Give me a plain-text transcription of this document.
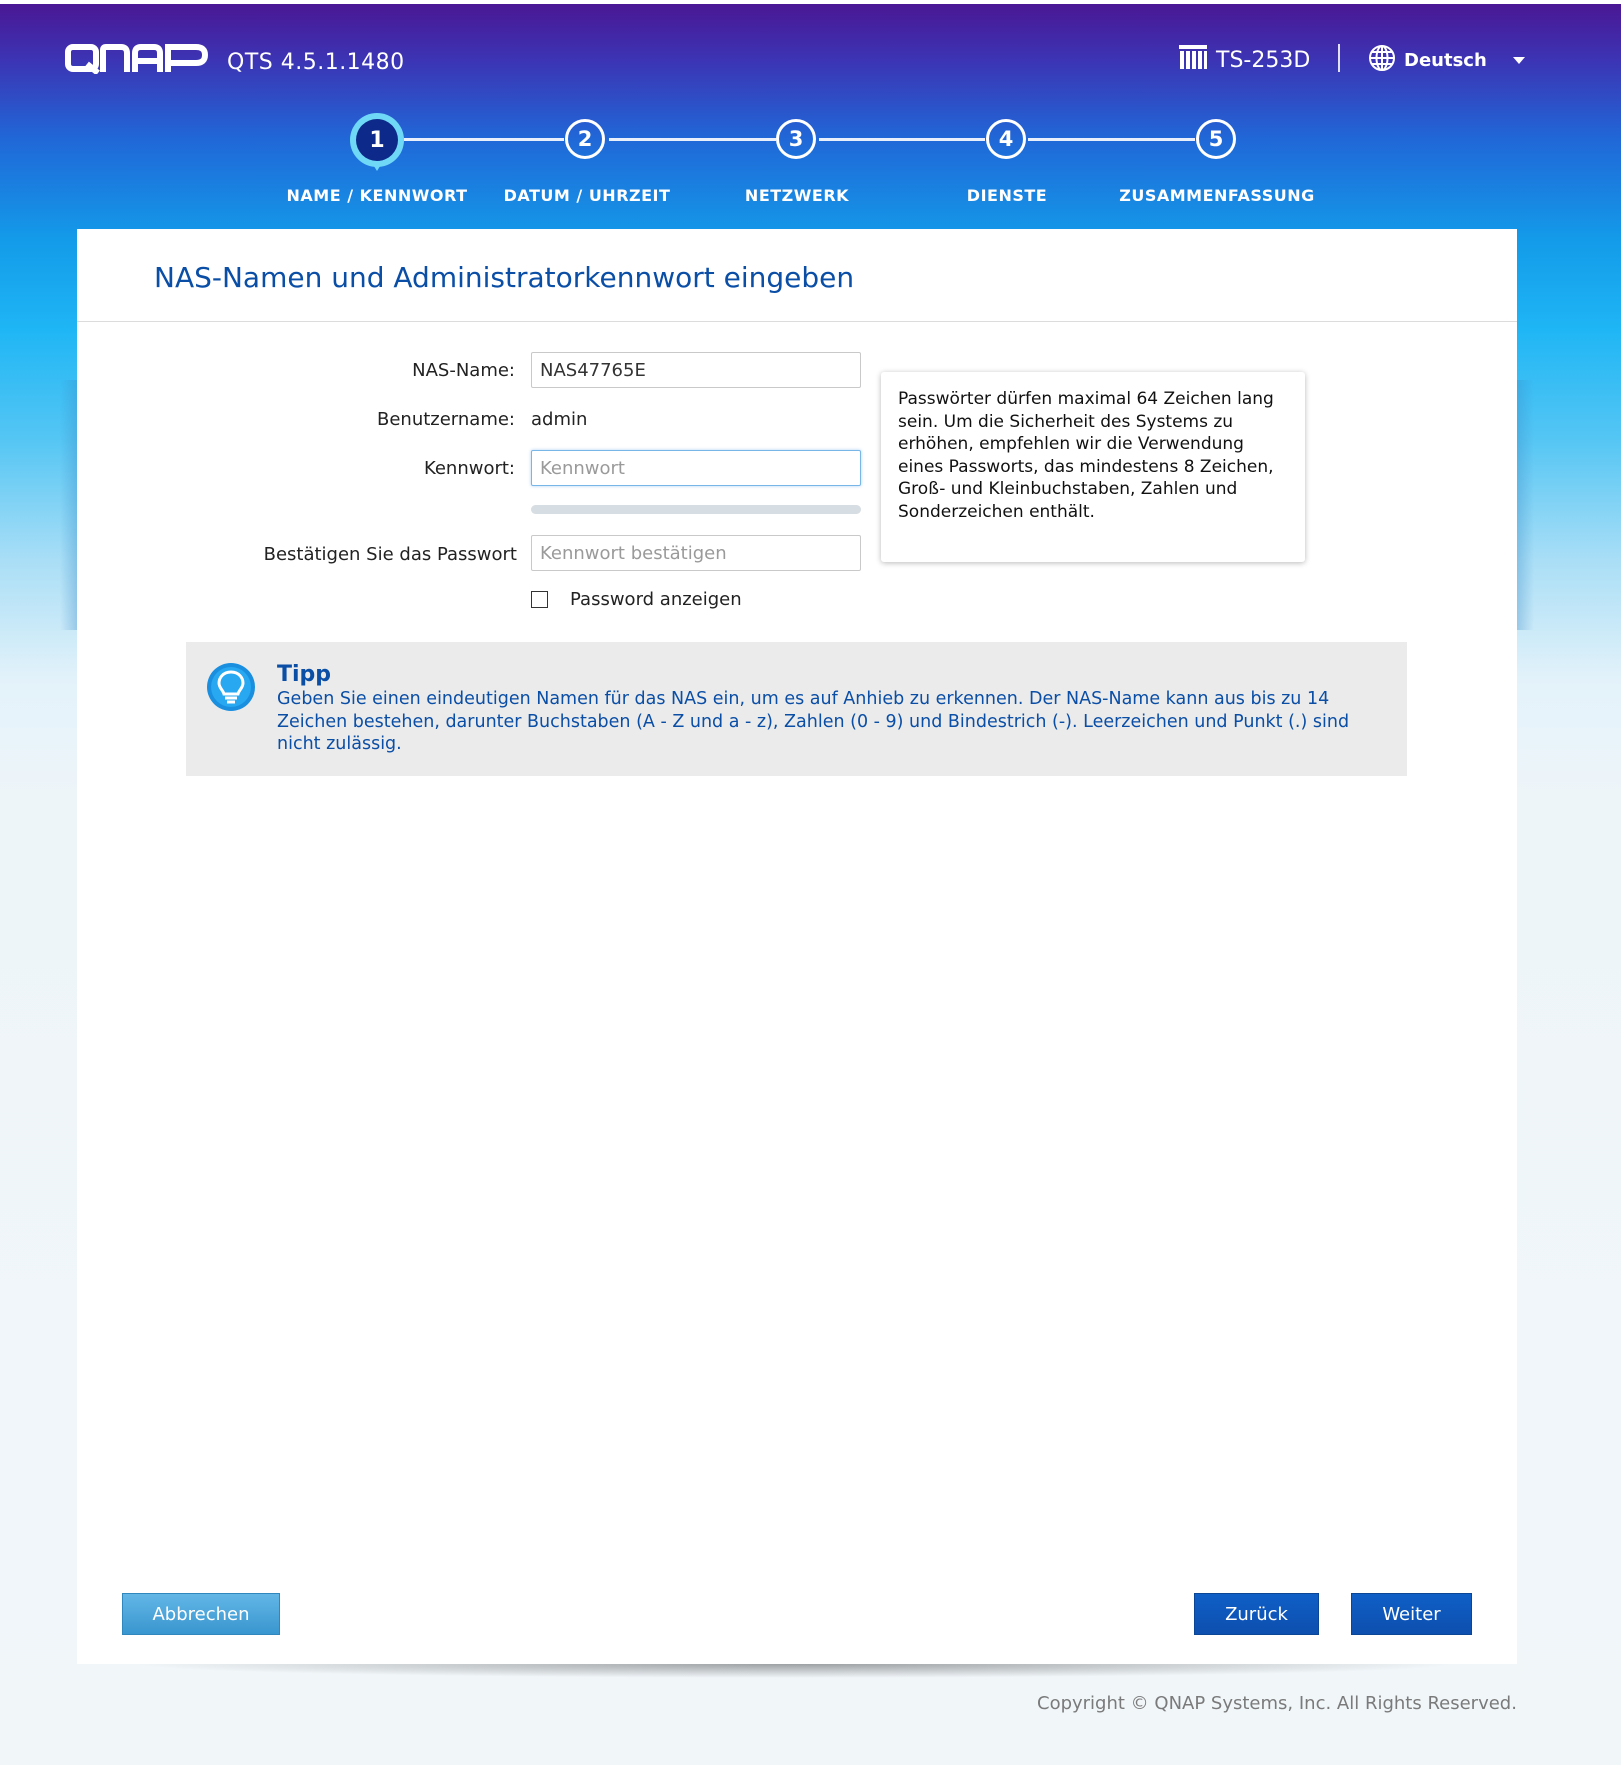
QTS 4.5.1.1480	TS-253D	Deutsch
1	2	3	4	5
NAME / KENNWORT DATUM / UHRZEIT	NETZWERK	DIENSTE	ZUSAMMENFASSUNG
NAS-Namen und Administratorkennwort eingeben
NAS-Name:
NAS47765E
Benutzername: admin
Kennwort:
Bestätigen Sie das Passwort
Password anzeigen
Passwörter dürfen maximal 64 Zeichen lang sein. Um die Sicherheit des Systems zu erhöhen, empfehlen wir die Verwendung eines Passworts, das mindestens 8 Zeichen, Groß- und Kleinbuchstaben, Zahlen und Sonderzeichen enthält.
Tipp
Geben Sie einen eindeutigen Namen für das NAS ein, um es auf Anhieb zu erkennen. Der NAS-Name kann aus bis zu 14 Zeichen bestehen, darunter Buchstaben (A - Z und a - z), Zahlen (0 - 9) und Bindestrich (-). Leerzeichen und Punkt (.) sind nicht zulässig.
Abbrechen	Zurück	Weiter
Copyright © QNAP Systems, Inc. All Rights Reserved.
